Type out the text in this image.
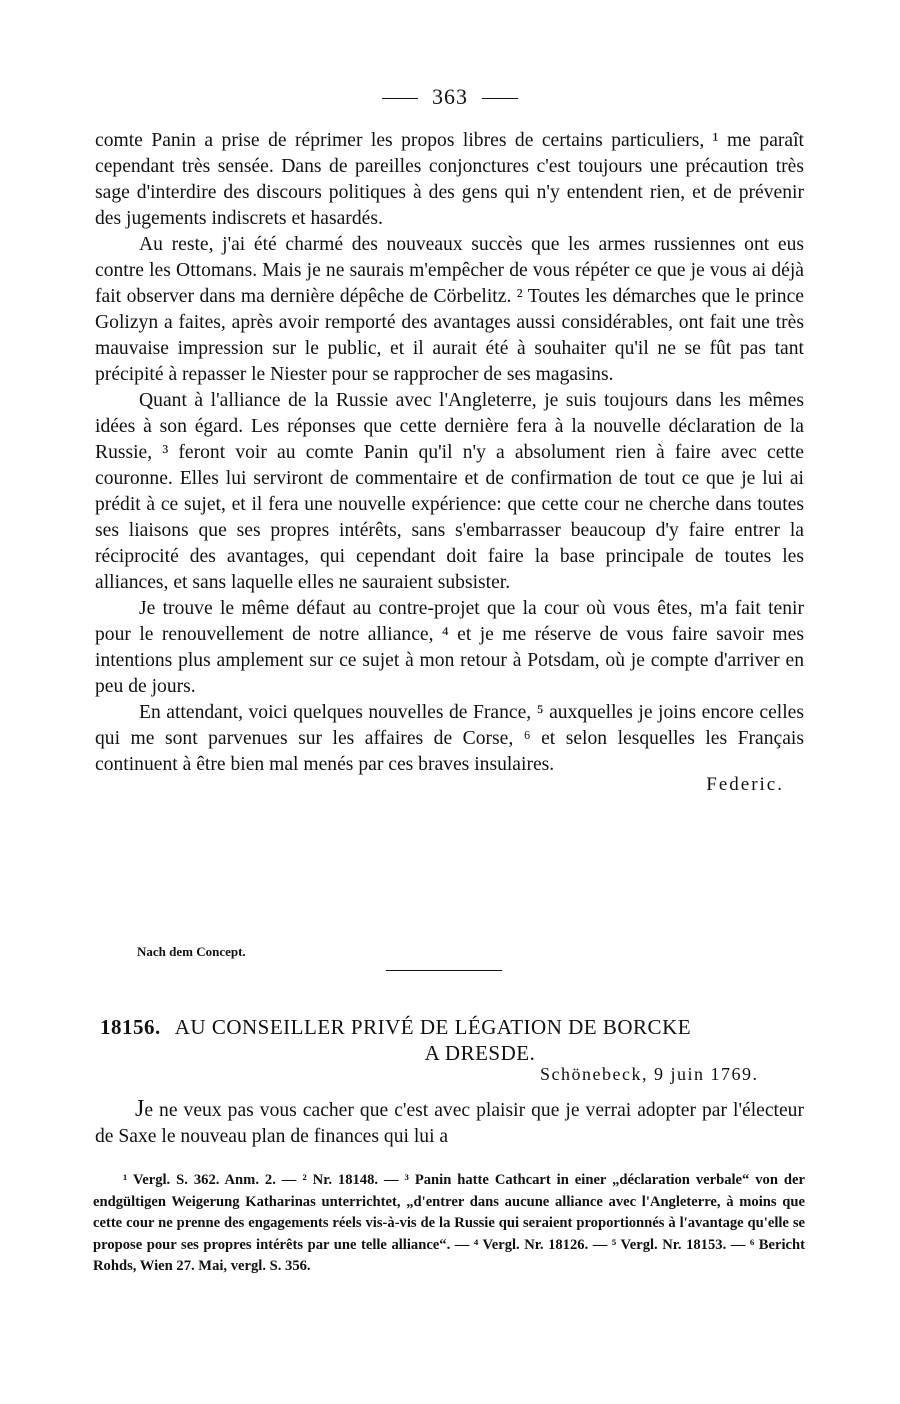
363

comte Panin a prise de réprimer les propos libres de certains particuliers, ¹ me paraît cependant très sensée. Dans de pareilles conjonctures c'est toujours une précaution très sage d'interdire des discours politiques à des gens qui n'y entendent rien, et de prévenir des jugements indiscrets et hasardés.

Au reste, j'ai été charmé des nouveaux succès que les armes russiennes ont eus contre les Ottomans. Mais je ne saurais m'empêcher de vous répéter ce que je vous ai déjà fait observer dans ma dernière dépêche de Cörbelitz. ² Toutes les démarches que le prince Golizyn a faites, après avoir remporté des avantages aussi considérables, ont fait une très mauvaise impression sur le public, et il aurait été à souhaiter qu'il ne se fût pas tant précipité à repasser le Niester pour se rapprocher de ses magasins.

Quant à l'alliance de la Russie avec l'Angleterre, je suis toujours dans les mêmes idées à son égard. Les réponses que cette dernière fera à la nouvelle déclaration de la Russie, ³ feront voir au comte Panin qu'il n'y a absolument rien à faire avec cette couronne. Elles lui serviront de commentaire et de confirmation de tout ce que je lui ai prédit à ce sujet, et il fera une nouvelle expérience: que cette cour ne cherche dans toutes ses liaisons que ses propres intérêts, sans s'embarrasser beaucoup d'y faire entrer la réciprocité des avantages, qui cependant doit faire la base principale de toutes les alliances, et sans laquelle elles ne sauraient subsister.

Je trouve le même défaut au contre-projet que la cour où vous êtes, m'a fait tenir pour le renouvellement de notre alliance, ⁴ et je me réserve de vous faire savoir mes intentions plus amplement sur ce sujet à mon retour à Potsdam, où je compte d'arriver en peu de jours.

En attendant, voici quelques nouvelles de France, ⁵ auxquelles je joins encore celles qui me sont parvenues sur les affaires de Corse, ⁶ et selon lesquelles les Français continuent à être bien mal menés par ces braves insulaires.

Federic.
Nach dem Concept.
18156. AU CONSEILLER PRIVÉ DE LÉGATION DE BORCKE
A DRESDE.
Schönebeck, 9 juin 1769.

Je ne veux pas vous cacher que c'est avec plaisir que je verrai adopter par l'électeur de Saxe le nouveau plan de finances qui lui a

¹ Vergl. S. 362. Anm. 2. — ² Nr. 18148. — ³ Panin hatte Cathcart in einer „déclaration verbale“ von der endgültigen Weigerung Katharinas unterrichtet, „d'entrer dans aucune alliance avec l'Angleterre, à moins que cette cour ne prenne des engagements réels vis-à-vis de la Russie qui seraient proportionnés à l'avantage qu'elle se propose pour ses propres intérêts par une telle alliance“. — ⁴ Vergl. Nr. 18126. — ⁵ Vergl. Nr. 18153. — ⁶ Bericht Rohds, Wien 27. Mai, vergl. S. 356.
